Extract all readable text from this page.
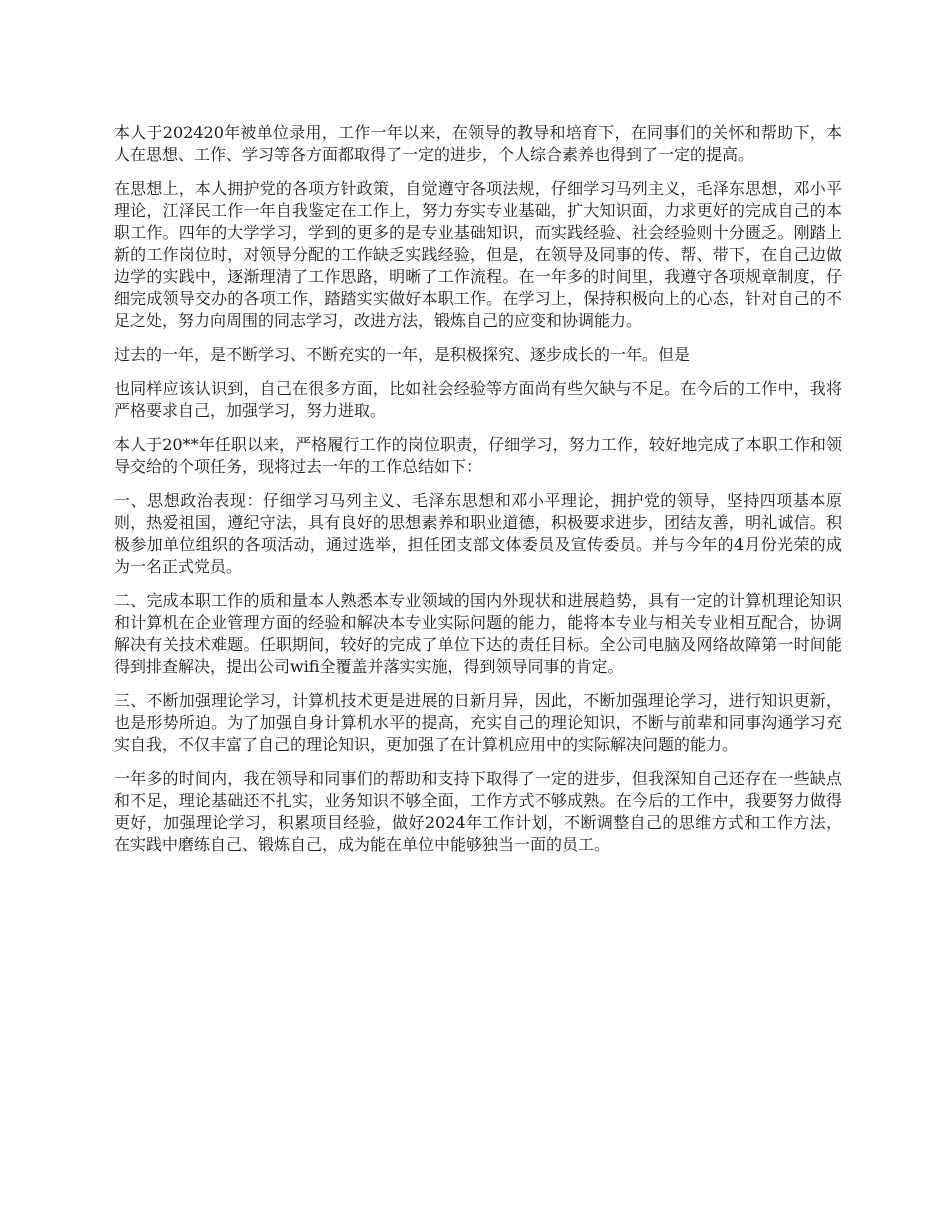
本人于202420年被单位录用，工作一年以来，在领导的教导和培育下，在同事们的关怀和帮助下，本人在思想、工作、学习等各方面都取得了一定的进步，个人综合素养也得到了一定的提高。

在思想上，本人拥护党的各项方针政策，自觉遵守各项法规，仔细学习马列主义，毛泽东思想，邓小平理论，江泽民工作一年自我鉴定在工作上，努力夯实专业基础，扩大知识面，力求更好的完成自己的本职工作。四年的大学学习，学到的更多的是专业基础知识，而实践经验、社会经验则十分匮乏。刚踏上新的工作岗位时，对领导分配的工作缺乏实践经验，但是，在领导及同事的传、帮、带下，在自己边做边学的实践中，逐渐理清了工作思路，明晰了工作流程。在一年多的时间里，我遵守各项规章制度，仔细完成领导交办的各项工作，踏踏实实做好本职工作。在学习上，保持积极向上的心态，针对自己的不足之处，努力向周围的同志学习，改进方法，锻炼自己的应变和协调能力。

过去的一年，是不断学习、不断充实的一年，是积极探究、逐步成长的一年。但是

也同样应该认识到，自己在很多方面，比如社会经验等方面尚有些欠缺与不足。在今后的工作中，我将严格要求自己，加强学习，努力进取。

本人于20**年任职以来，严格履行工作的岗位职责，仔细学习，努力工作，较好地完成了本职工作和领导交给的个项任务，现将过去一年的工作总结如下：

一、思想政治表现：仔细学习马列主义、毛泽东思想和邓小平理论，拥护党的领导，坚持四项基本原则，热爱祖国，遵纪守法，具有良好的思想素养和职业道德，积极要求进步，团结友善，明礼诚信。积极参加单位组织的各项活动，通过选举，担任团支部文体委员及宣传委员。并与今年的4月份光荣的成为一名正式党员。

二、完成本职工作的质和量本人熟悉本专业领域的国内外现状和进展趋势，具有一定的计算机理论知识和计算机在企业管理方面的经验和解决本专业实际问题的能力，能将本专业与相关专业相互配合，协调解决有关技术难题。任职期间，较好的完成了单位下达的责任目标。全公司电脑及网络故障第一时间能得到排查解决，提出公司wifi全覆盖并落实实施，得到领导同事的肯定。

三、不断加强理论学习，计算机技术更是进展的日新月异，因此，不断加强理论学习，进行知识更新，也是形势所迫。为了加强自身计算机水平的提高，充实自己的理论知识，不断与前辈和同事沟通学习充实自我，不仅丰富了自己的理论知识，更加强了在计算机应用中的实际解决问题的能力。

一年多的时间内，我在领导和同事们的帮助和支持下取得了一定的进步，但我深知自己还存在一些缺点和不足，理论基础还不扎实，业务知识不够全面，工作方式不够成熟。在今后的工作中，我要努力做得更好，加强理论学习，积累项目经验，做好2024年工作计划，不断调整自己的思维方式和工作方法，在实践中磨练自己、锻炼自己，成为能在单位中能够独当一面的员工。
